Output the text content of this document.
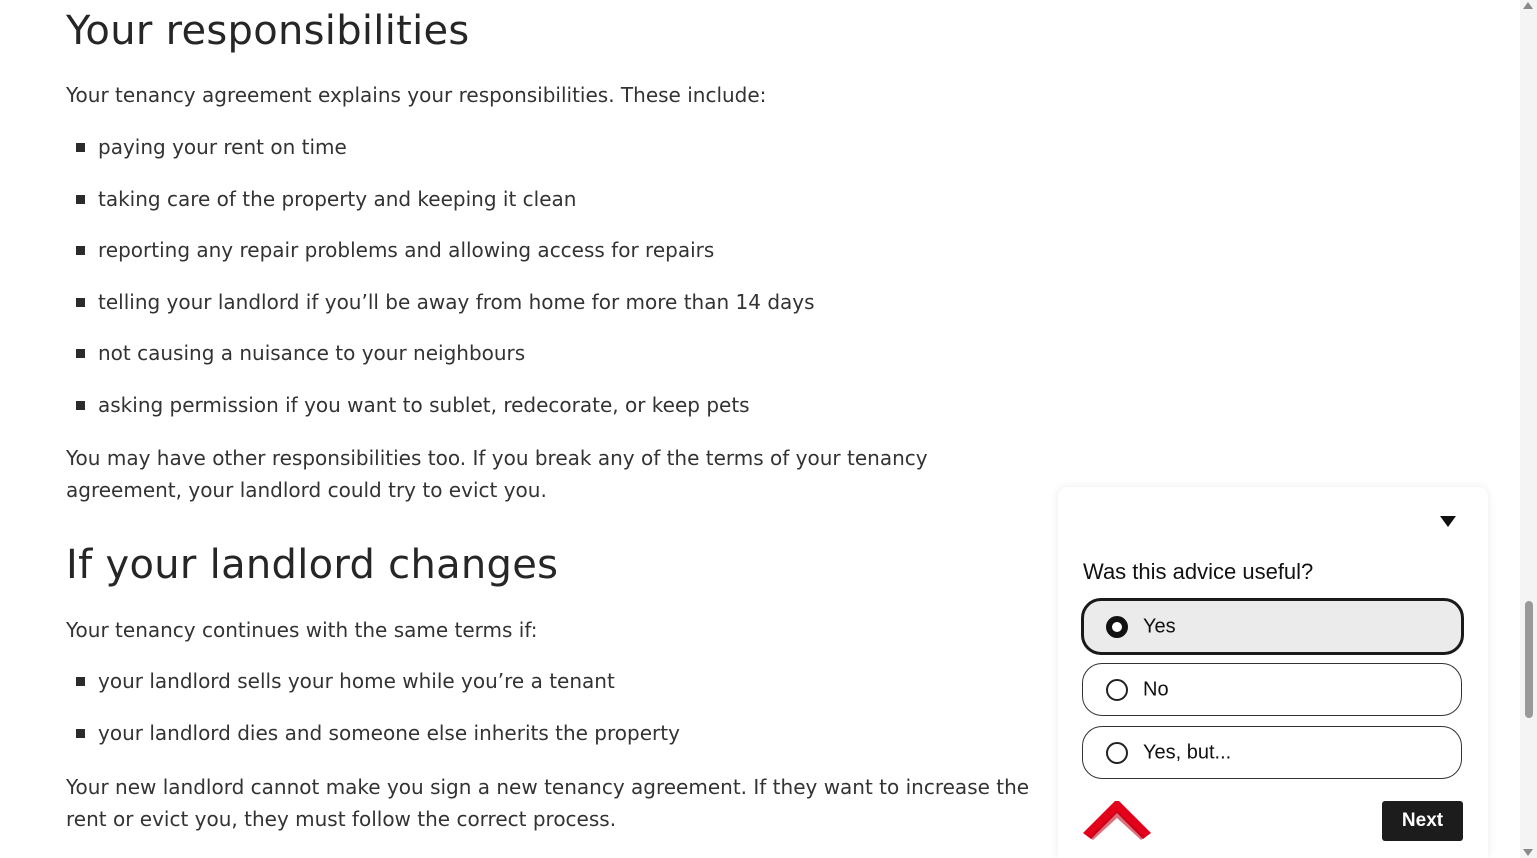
Your responsibilities

Your tenancy agreement explains your responsibilities. These include:

paying your rent on time
taking care of the property and keeping it clean
reporting any repair problems and allowing access for repairs
telling your landlord if you’ll be away from home for more than 14 days
not causing a nuisance to your neighbours
asking permission if you want to sublet, redecorate, or keep pets

You may have other responsibilities too. If you break any of the terms of your tenancy
agreement, your landlord could try to evict you.

If your landlord changes

Your tenancy continues with the same terms if:

your landlord sells your home while you’re a tenant
your landlord dies and someone else inherits the property

Your new landlord cannot make you sign a new tenancy agreement. If they want to increase the
rent or evict you, they must follow the correct process.

Was this advice useful?
Yes
No
Yes, but...
Next
